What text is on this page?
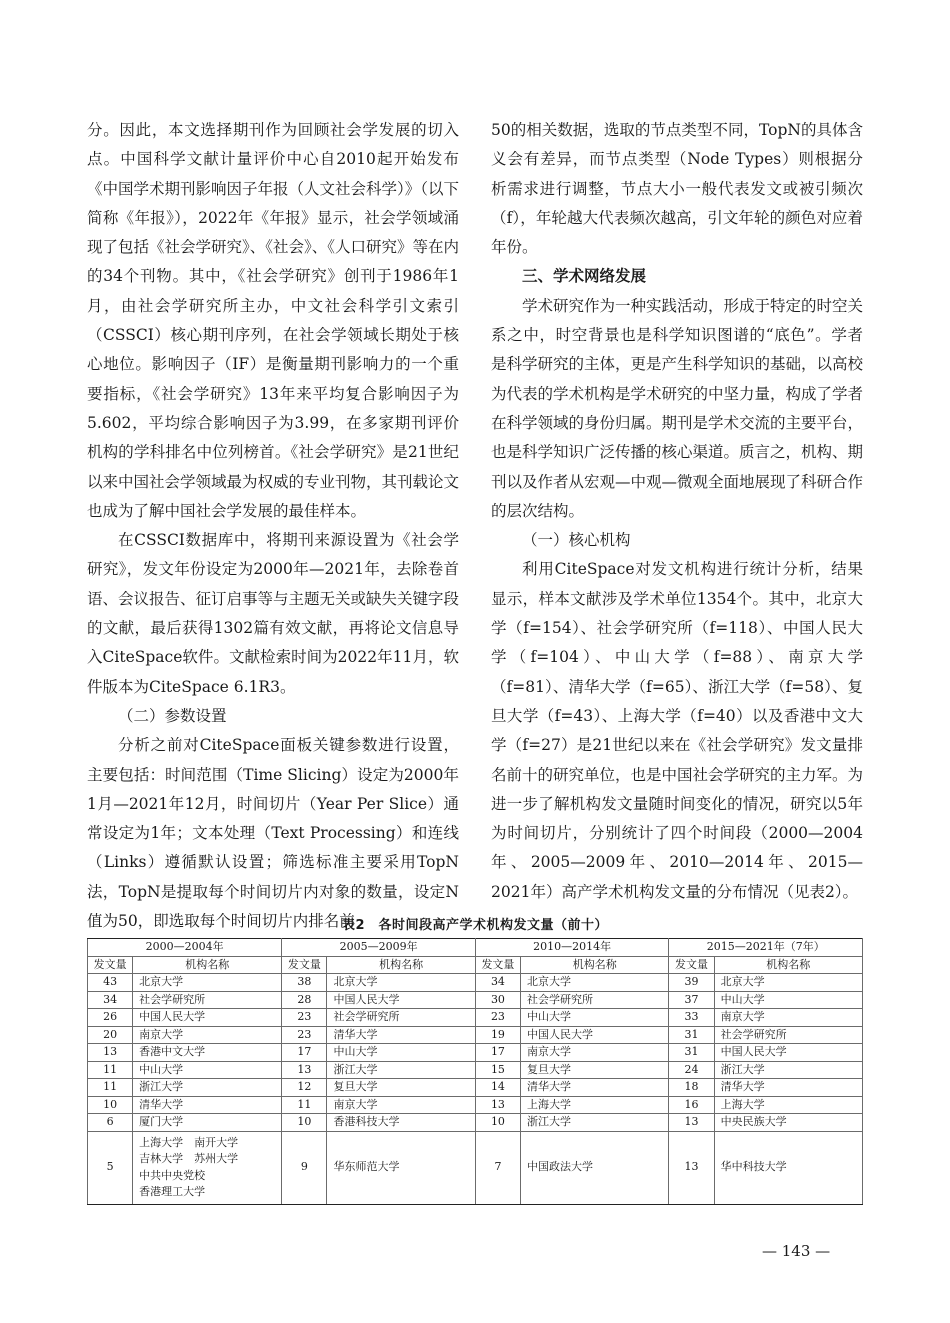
分。因此，本文选择期刊作为回顾社会学发展的切入点。中国科学文献计量评价中心自2010起开始发布《中国学术期刊影响因子年报（人文社会科学）》（以下简称《年报》），2022年《年报》显示，社会学领域涌现了包括《社会学研究》、《社会》、《人口研究》等在内的34个刊物。其中，《社会学研究》创刊于1986年1月，由社会学研究所主办，中文社会科学引文索引（CSSCI）核心期刊序列，在社会学领域长期处于核心地位。影响因子（IF）是衡量期刊影响力的一个重要指标，《社会学研究》13年来平均复合影响因子为5.602，平均综合影响因子为3.99，在多家期刊评价机构的学科排名中位列榜首。《社会学研究》是21世纪以来中国社会学领域最为权威的专业刊物，其刊载论文也成为了解中国社会学发展的最佳样本。

在CSSCI数据库中，将期刊来源设置为《社会学研究》，发文年份设定为2000年—2021年，去除卷首语、会议报告、征订启事等与主题无关或缺失关键字段的文献，最后获得1302篇有效文献，再将论文信息导入CiteSpace软件。文献检索时间为2022年11月，软件版本为CiteSpace 6.1R3。

（二）参数设置

分析之前对CiteSpace面板关键参数进行设置，主要包括：时间范围（Time Slicing）设定为2000年1月—2021年12月，时间切片（Year Per Slice）通常设定为1年；文本处理（Text Processing）和连线（Links）遵循默认设置；筛选标准主要采用TopN法，TopN是提取每个时间切片内对象的数量，设定N值为50，即选取每个时间切片内排名前

50的相关数据，选取的节点类型不同，TopN的具体含义会有差异，而节点类型（Node Types）则根据分析需求进行调整，节点大小一般代表发文或被引频次（f），年轮越大代表频次越高，引文年轮的颜色对应着年份。

三、学术网络发展

学术研究作为一种实践活动，形成于特定的时空关系之中，时空背景也是科学知识图谱的“底色”。学者是科学研究的主体，更是产生科学知识的基础，以高校为代表的学术机构是学术研究的中坚力量，构成了学者在科学领域的身份归属。期刊是学术交流的主要平台，也是科学知识广泛传播的核心渠道。质言之，机构、期刊以及作者从宏观—中观—微观全面地展现了科研合作的层次结构。

（一）核心机构

利用CiteSpace对发文机构进行统计分析，结果显示，样本文献涉及学术单位1354个。其中，北京大学（f=154）、社会学研究所（f=118）、中国人民大学（f=104）、中山大学（f=88）、南京大学（f=81）、清华大学（f=65）、浙江大学（f=58）、复旦大学（f=43）、上海大学（f=40）以及香港中文大学（f=27）是21世纪以来在《社会学研究》发文量排名前十的研究单位，也是中国社会学研究的主力军。为进一步了解机构发文量随时间变化的情况，研究以5年为时间切片，分别统计了四个时间段（2000—2004年、2005—2009年、2010—2014年、2015—2021年）高产学术机构发文量的分布情况（见表2）。

表2　各时间段高产学术机构发文量（前十）
2000—2004年		2005—2009年		2010—2014年		2015—2021年（7年）	
发文量	机构名称	发文量	机构名称	发文量	机构名称	发文量	机构名称
43	北京大学	38	北京大学	34	北京大学	39	北京大学
34	社会学研究所	28	中国人民大学	30	社会学研究所	37	中山大学
26	中国人民大学	23	社会学研究所	23	中山大学	33	南京大学
20	南京大学	23	清华大学	19	中国人民大学	31	社会学研究所
13	香港中文大学	17	中山大学	17	南京大学	31	中国人民大学
11	中山大学	13	浙江大学	15	复旦大学	24	浙江大学
11	浙江大学	12	复旦大学	14	清华大学	18	清华大学
10	清华大学	11	南京大学	13	上海大学	16	上海大学
6	厦门大学	10	香港科技大学	10	浙江大学	13	中央民族大学
5	上海大学　南开大学
吉林大学　苏州大学
中共中央党校
香港理工大学	9	华东师范大学	7	中国政法大学	13	华中科技大学
— 143 —
